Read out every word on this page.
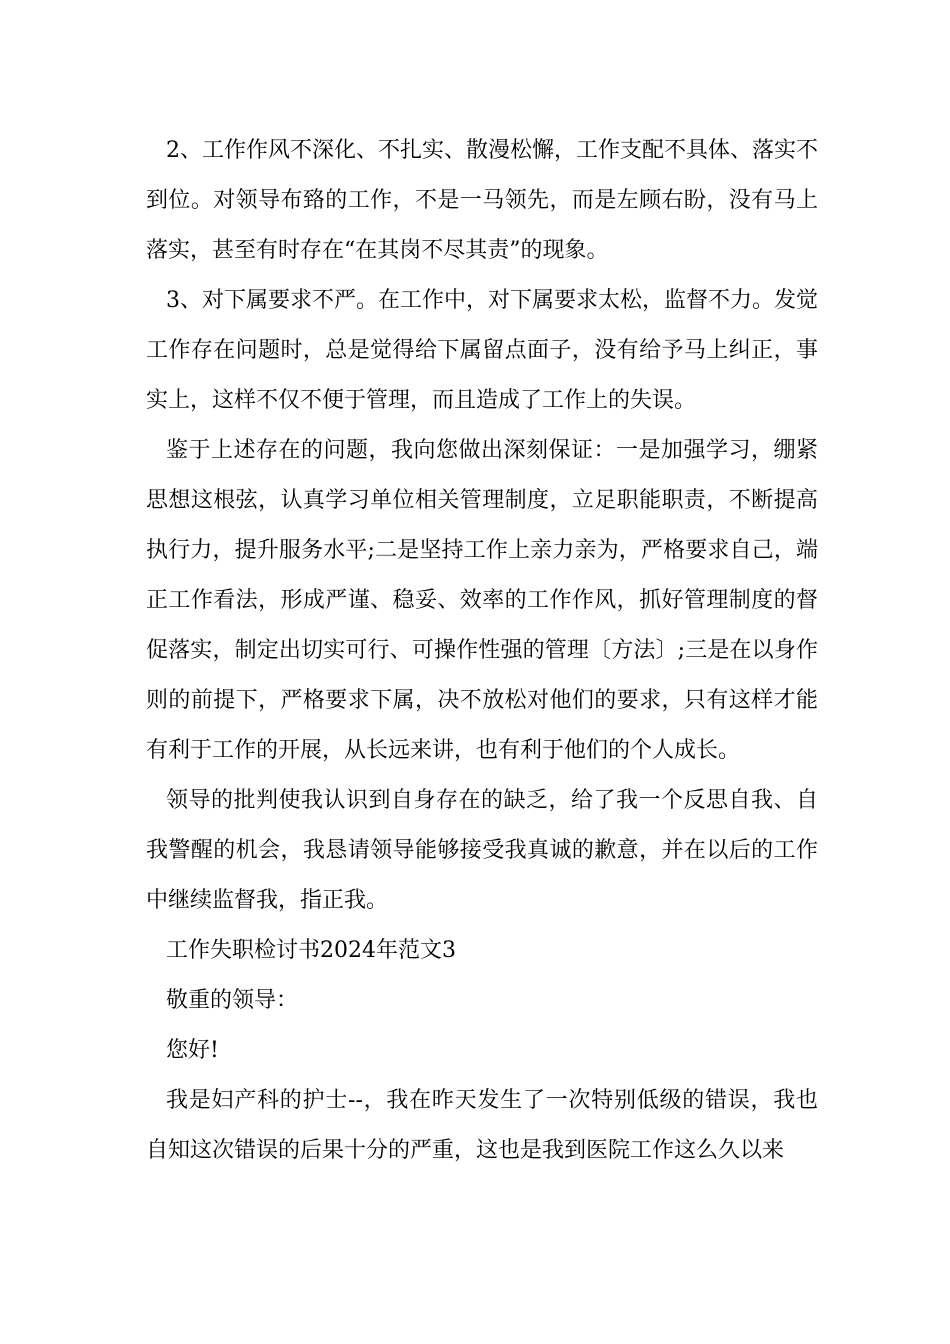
2、工作作风不深化、不扎实、散漫松懈，工作支配不具体、落实不到位。对领导布臵的工作，不是一马领先，而是左顾右盼，没有马上落实，甚至有时存在“在其岗不尽其责”的现象。

3、对下属要求不严。在工作中，对下属要求太松，监督不力。发觉工作存在问题时，总是觉得给下属留点面子，没有给予马上纠正，事实上，这样不仅不便于管理，而且造成了工作上的失误。

鉴于上述存在的问题，我向您做出深刻保证：一是加强学习，绷紧思想这根弦，认真学习单位相关管理制度，立足职能职责，不断提高执行力，提升服务水平;二是坚持工作上亲力亲为，严格要求自己，端正工作看法，形成严谨、稳妥、效率的工作作风，抓好管理制度的督促落实，制定出切实可行、可操作性强的管理〔方法〕;三是在以身作则的前提下，严格要求下属，决不放松对他们的要求，只有这样才能有利于工作的开展，从长远来讲，也有利于他们的个人成长。

领导的批判使我认识到自身存在的缺乏，给了我一个反思自我、自我警醒的机会，我恳请领导能够接受我真诚的歉意，并在以后的工作中继续监督我，指正我。

工作失职检讨书2024年范文3

敬重的领导：

您好!

我是妇产科的护士--，我在昨天发生了一次特别低级的错误，我也自知这次错误的后果十分的严重，这也是我到医院工作这么久以来
